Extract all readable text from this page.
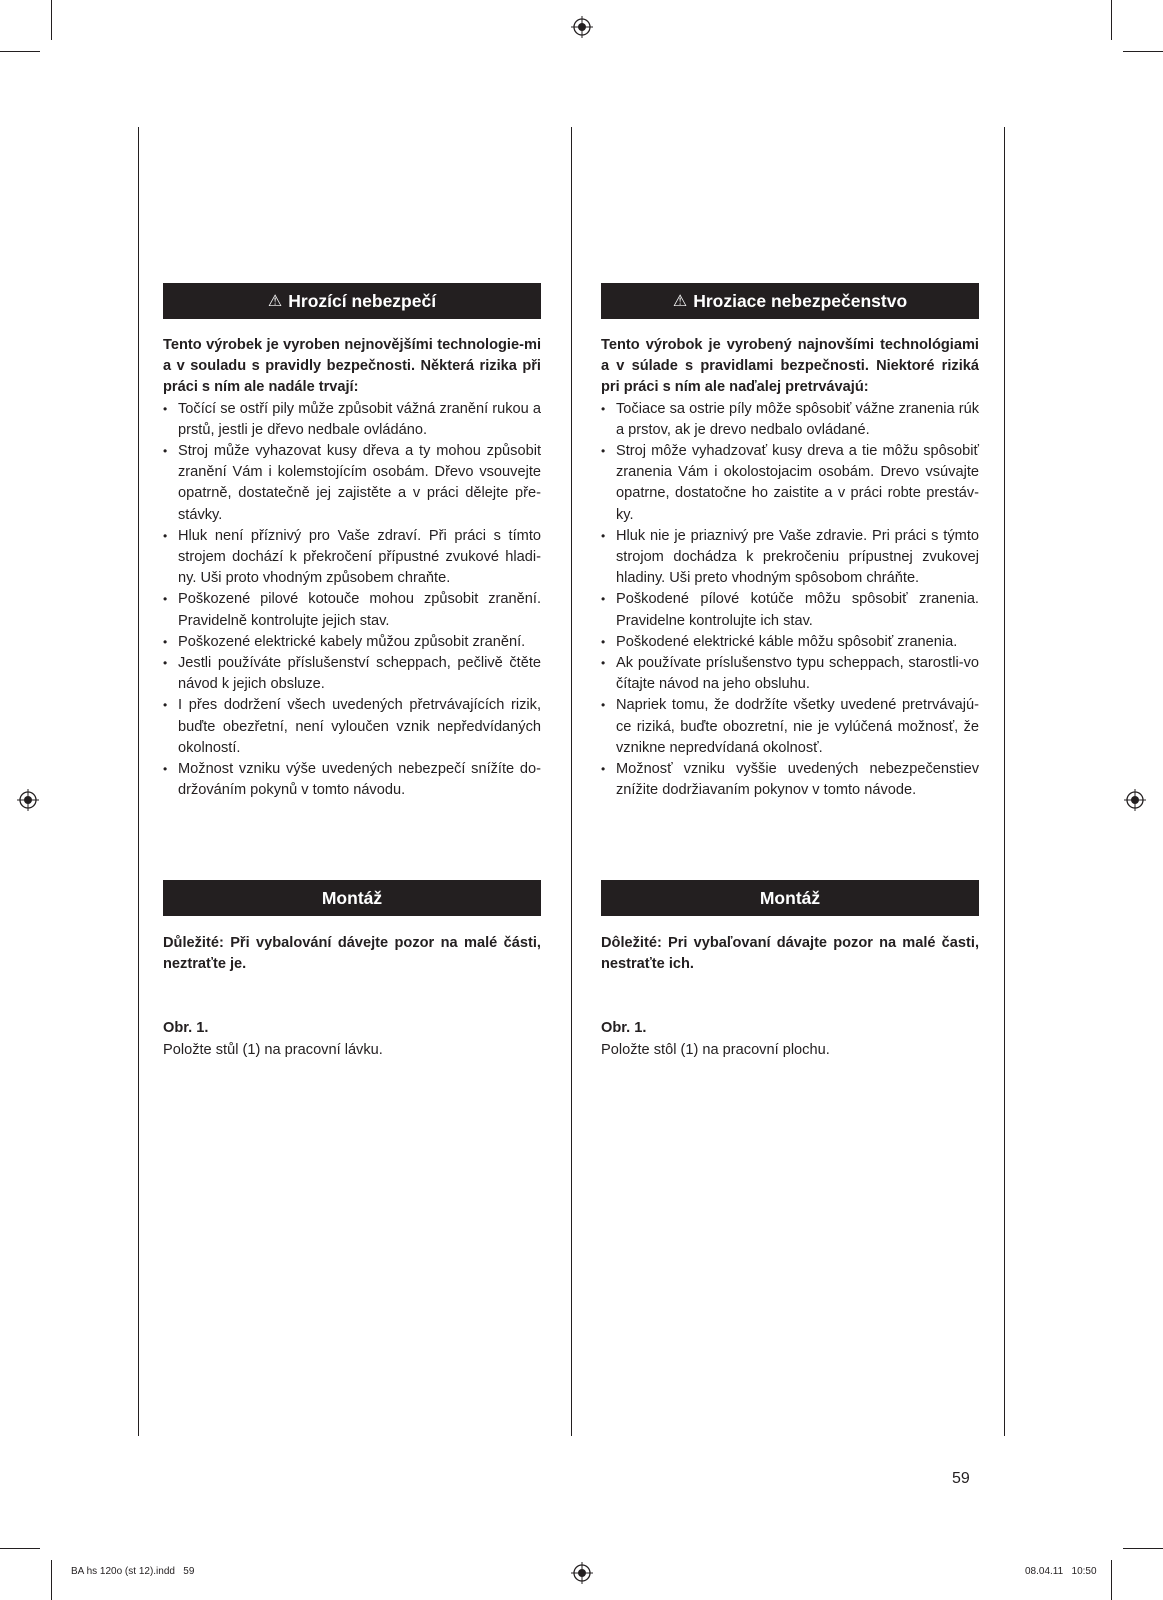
⚠ Hrozící nebezpečí

Tento výrobek je vyroben nejnovějšími technologie-mi a v souladu s pravidly bezpečnosti. Některá rizika při práci s ním ale nadále trvají:

• Točící se ostří pily může způsobit vážná zranění rukou a prstů, jestli je dřevo nedbale ovládáno.
• Stroj může vyhazovat kusy dřeva a ty mohou způsobit zranění Vám i kolemstojícím osobám. Dřevo vsouvejte opatrně, dostatečně jej zajistěte a v práci dělejte pře-stávky.
• Hluk není příznivý pro Vaše zdraví. Při práci s tímto strojem dochází k překročení přípustné zvukové hladi-ny. Uši proto vhodným způsobem chraňte.
• Poškozené pilové kotouče mohou způsobit zranění. Pravidelně kontrolujte jejich stav.
• Poškozené elektrické kabely můžou způsobit zranění.
• Jestli používáte příslušenství scheppach, pečlivě čtěte návod k jejich obsluze.
• I přes dodržení všech uvedených přetrvávajících rizik, buďte obezřetní, není vyloučen vznik nepředvídaných okolností.
• Možnost vzniku výše uvedených nebezpečí snížíte do-držováním pokynů v tomto návodu.
Montáž

Důležité: Při vybalování dávejte pozor na malé části, neztraťte je.

Obr. 1.

Položte stůl (1) na pracovní lávku.

⚠ Hroziace nebezpečenstvo

Tento výrobok je vyrobený najnovšími technológiami a v súlade s pravidlami bezpečnosti. Niektoré riziká pri práci s ním ale naďalej pretrvávajú:

• Točiace sa ostrie píly môže spôsobiť vážne zranenia rúk a prstov, ak je drevo nedbalo ovládané.
• Stroj môže vyhadzovať kusy dreva a tie môžu spôsobiť zranenia Vám i okolostojacim osobám. Drevo vsúvajte opatrne, dostatočne ho zaistite a v práci robte prestáv-ky.
• Hluk nie je priaznivý pre Vaše zdravie. Pri práci s týmto strojom dochádza k prekročeniu prípustnej zvukovej hladiny. Uši preto vhodným spôsobom chráňte.
• Poškodené pílové kotúče môžu spôsobiť zranenia. Pravidelne kontrolujte ich stav.
• Poškodené elektrické káble môžu spôsobiť zranenia.
• Ak používate príslušenstvo typu scheppach, starostli-vo čítajte návod na jeho obsluhu.
• Napriek tomu, že dodržíte všetky uvedené pretrvávajú-ce riziká, buďte obozretní, nie je vylúčená možnosť, že vznikne nepredvídaná okolnosť.
• Možnosť vzniku vyššie uvedených nebezpečenstiev znížite dodržiavaním pokynov v tomto návode.
Montáž

Dôležité: Pri vybaľovaní dávajte pozor na malé časti, nestraťte ich.

Obr. 1.

Položte stôl (1) na pracovní plochu.

59
BA hs 120o (st 12).indd   59	08.04.11   10:50
